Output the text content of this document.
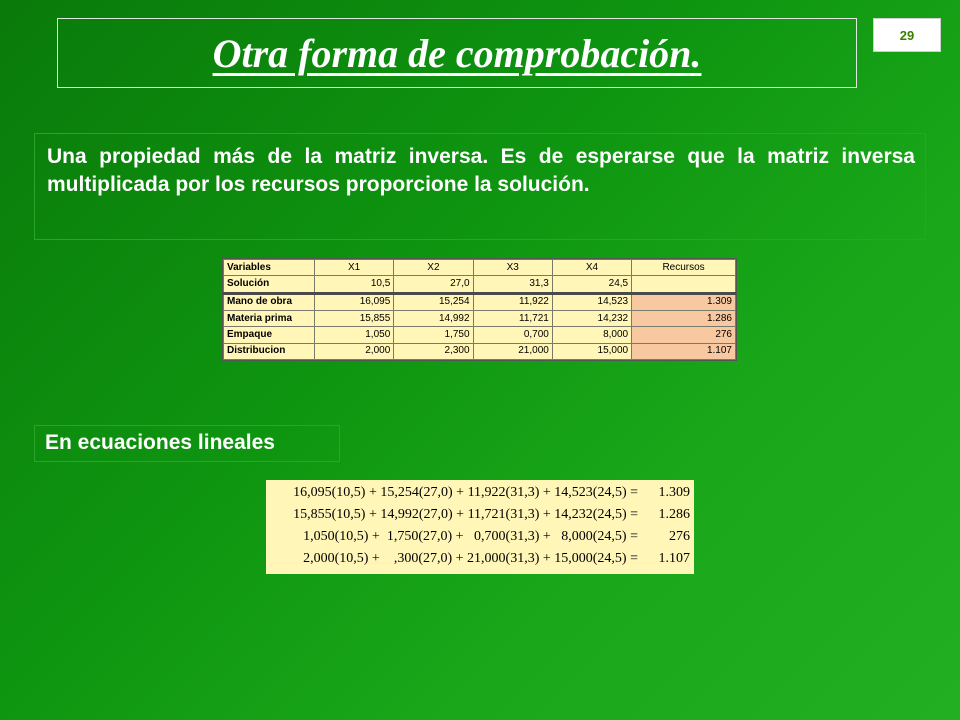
Otra forma de comprobación.	29
Una propiedad más de la matriz inversa. Es de esperarse que la matriz inversa multiplicada por los recursos proporcione la solución.
Variables	X1	X2	X3	X4	Recursos
Solución	10,5	27,0	31,3	24,5	
Mano de obra	16,095	15,254	11,922	14,523	1.309
Materia prima	15,855	14,992	11,721	14,232	1.286
Empaque	1,050	1,750	0,700	8,000	276
Distribucion	2,000	2,300	21,000	15,000	1.107
En ecuaciones lineales
16,095(10,5) + 15,254(27,0) + 11,922(31,3) + 14,523(24,5) =	1.309
15,855(10,5) + 14,992(27,0) + 11,721(31,3) + 14,232(24,5) =	1.286
1,050(10,5) +  1,750(27,0) +   0,700(31,3) +   8,000(24,5) =	276
2,000(10,5) +    ,300(27,0) + 21,000(31,3) + 15,000(24,5) =	1.107
